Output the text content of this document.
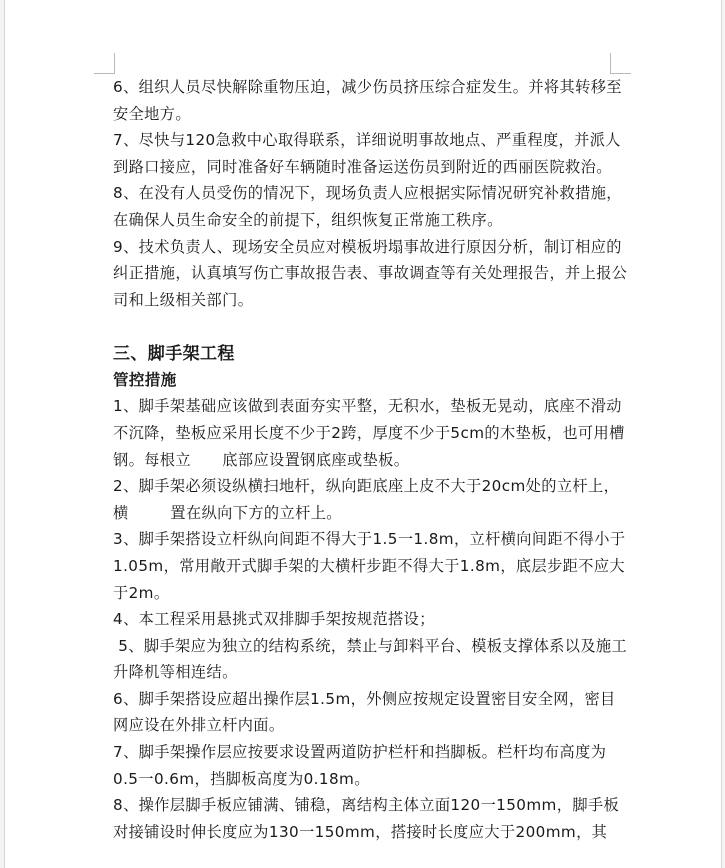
6、组织人员尽快解除重物压迫，减少伤员挤压综合症发生。并将其转移至安全地方。

7、尽快与120急救中心取得联系，详细说明事故地点、严重程度，并派人到路口接应，同时准备好车辆随时准备运送伤员到附近的西丽医院救治。

8、在没有人员受伤的情况下，现场负责人应根据实际情况研究补救措施，在确保人员生命安全的前提下，组织恢复正常施工秩序。

9、技术负责人、现场安全员应对模板坍塌事故进行原因分析，制订相应的纠正措施，认真填写伤亡事故报告表、事故调查等有关处理报告，并上报公司和上级相关部门。

三、脚手架工程

管控措施

1、脚手架基础应该做到表面夯实平整，无积水，垫板无晃动，底座不滑动不沉降，垫板应采用长度不少于2跨，厚度不少于5cm的木垫板，也可用槽钢。每根立      底部应设置钢底座或垫板。

2、脚手架必须设纵横扫地杆，纵向距底座上皮不大于20cm处的立杆上，横        置在纵向下方的立杆上。

3、脚手架搭设立杆纵向间距不得大于1.5一1.8m，立杆横向间距不得小于1.05m，常用敞开式脚手架的大横杆步距不得大于1.8m，底层步距不应大于2m。

4、本工程采用悬挑式双排脚手架按规范搭设；

5、脚手架应为独立的结构系统，禁止与卸料平台、模板支撑体系以及施工升降机等相连结。

6、脚手架搭设应超出操作层1.5m，外侧应按规定设置密目安全网，密目网应设在外排立杆内面。

7、脚手架操作层应按要求设置两道防护栏杆和挡脚板。栏杆均布高度为0.5一0.6m，挡脚板高度为0.18m。

8、操作层脚手板应铺满、铺稳，离结构主体立面120一150mm，脚手板对接铺设时伸长度应为130一150mm，搭接时长度应大于200mm，其
